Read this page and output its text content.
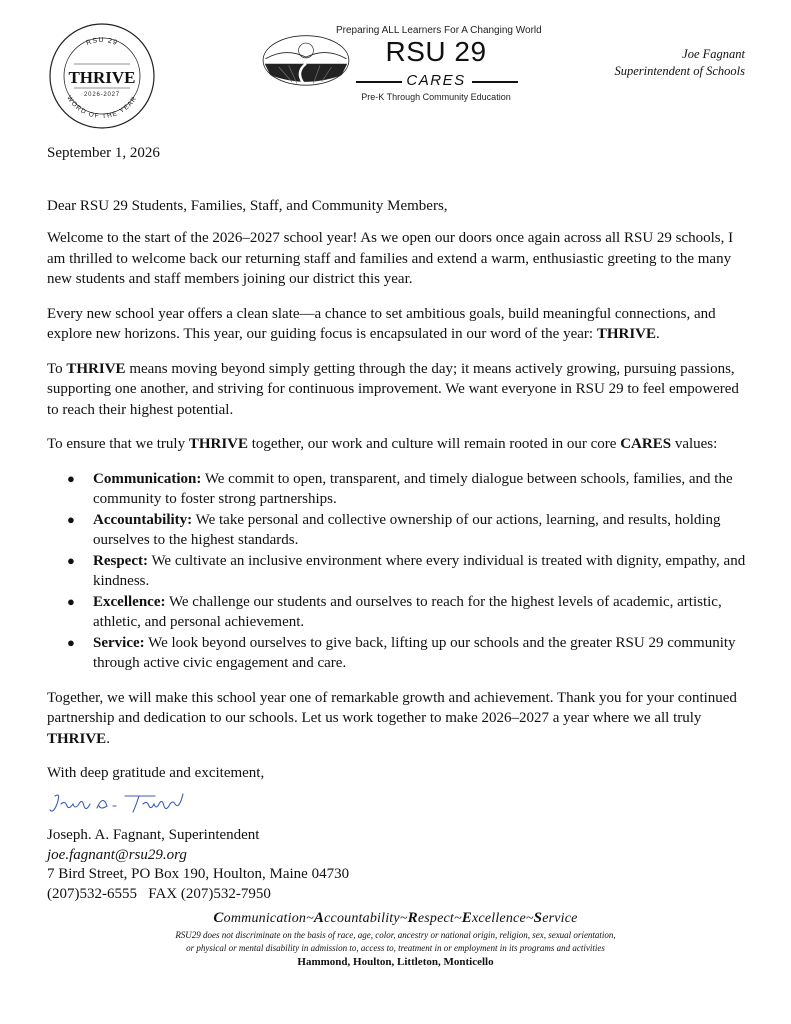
RSU 29
THRIVE
2026-2027
WORD OF THE YEAR
Preparing ALL Learners For A Changing World
RSU 29
CARES
Pre-K Through Community Education
Joe Fagnant
Superintendent of Schools

September 1, 2026

Dear RSU 29 Students, Families, Staff, and Community Members,

Welcome to the start of the 2026–2027 school year! As we open our doors once again across all RSU 29 schools, I am thrilled to welcome back our returning staff and families and extend a warm, enthusiastic greeting to the many new students and staff members joining our district this year.

Every new school year offers a clean slate—a chance to set ambitious goals, build meaningful connections, and explore new horizons. This year, our guiding focus is encapsulated in our word of the year: THRIVE.

To THRIVE means moving beyond simply getting through the day; it means actively growing, pursuing passions, supporting one another, and striving for continuous improvement. We want everyone in RSU 29 to feel empowered to reach their highest potential.

To ensure that we truly THRIVE together, our work and culture will remain rooted in our core CARES values:

● Communication: We commit to open, transparent, and timely dialogue between schools, families, and the community to foster strong partnerships.
● Accountability: We take personal and collective ownership of our actions, learning, and results, holding ourselves to the highest standards.
● Respect: We cultivate an inclusive environment where every individual is treated with dignity, empathy, and kindness.
● Excellence: We challenge our students and ourselves to reach for the highest levels of academic, artistic, athletic, and personal achievement.
● Service: We look beyond ourselves to give back, lifting up our schools and the greater RSU 29 community through active civic engagement and care.

Together, we will make this school year one of remarkable growth and achievement. Thank you for your continued partnership and dedication to our schools. Let us work together to make 2026–2027 a year where we all truly THRIVE.

With deep gratitude and excitement,

Joseph. A. Fagnant, Superintendent

joe.fagnant@rsu29.org

7 Bird Street, PO Box 190, Houlton, Maine 04730

(207)532-6555   FAX (207)532-7950

Communication~Accountability~Respect~Excellence~Service
RSU29 does not discriminate on the basis of race, age, color, ancestry or national origin, religion, sex, sexual orientation,
or physical or mental disability in admission to, access to, treatment in or employment in its programs and activities
Hammond, Houlton, Littleton, Monticello
